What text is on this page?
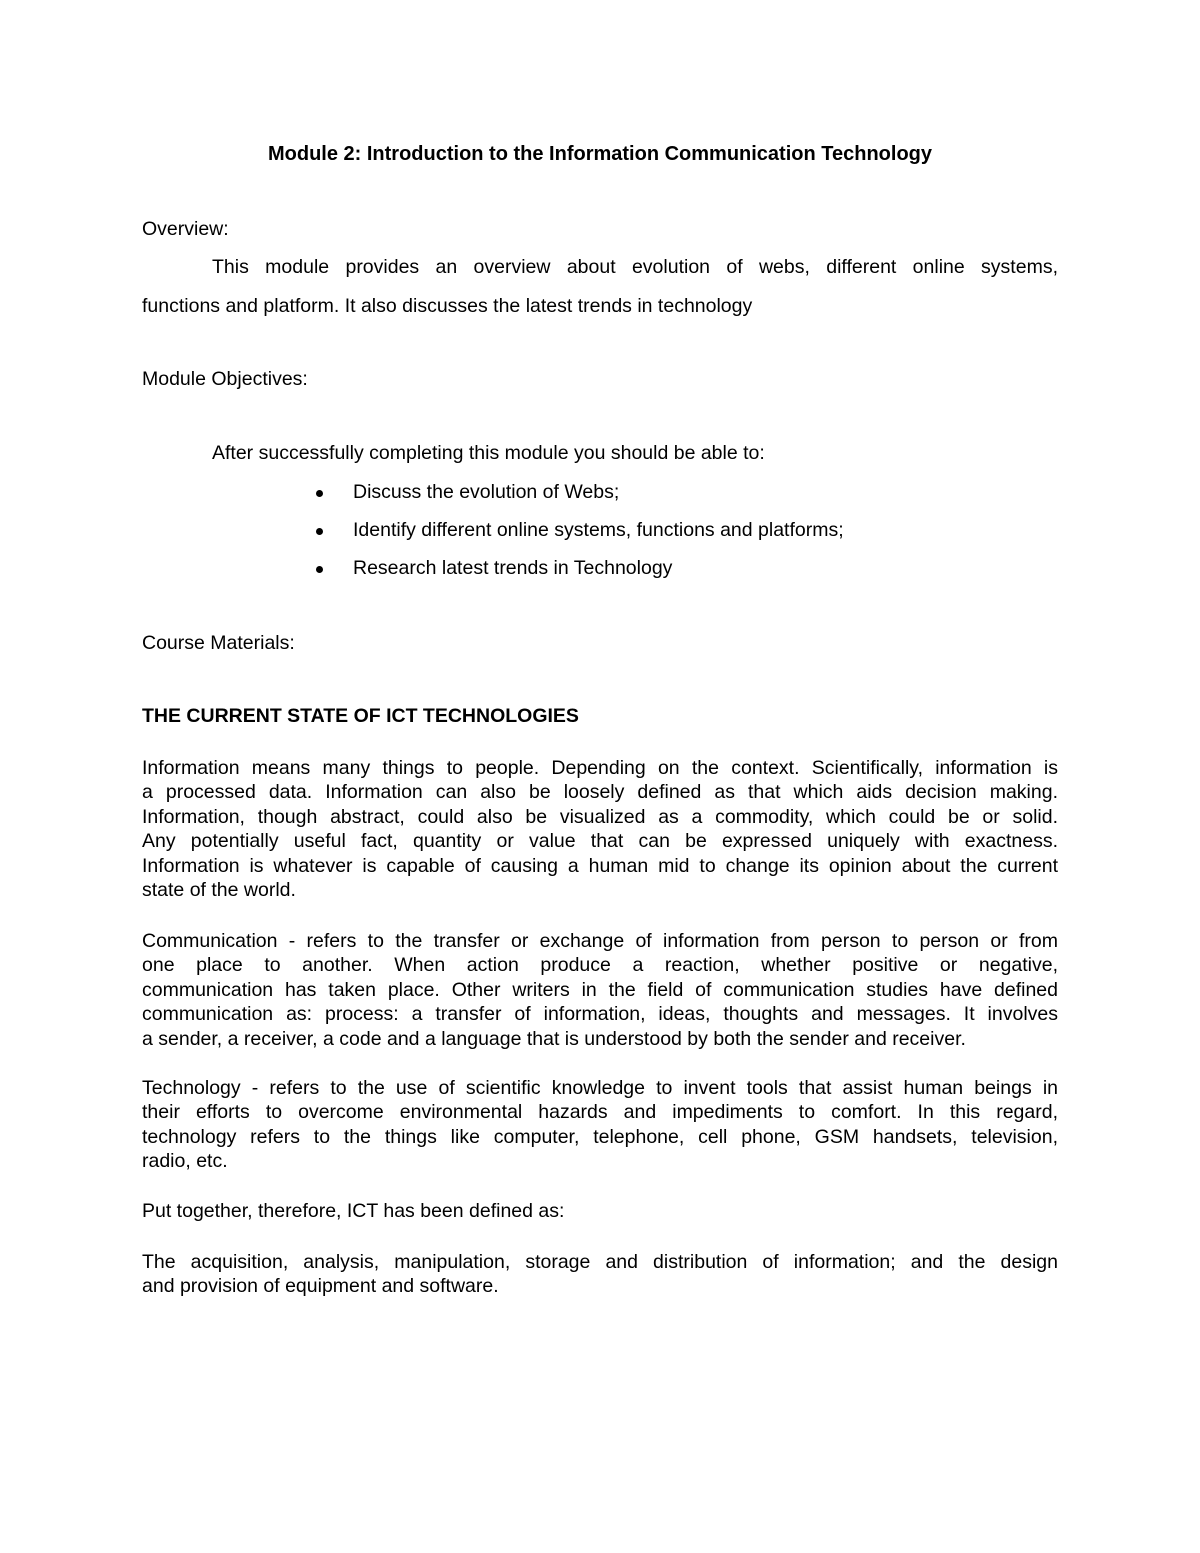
Module 2: Introduction to the Information Communication Technology
Overview:
This module provides an overview about evolution of webs, different online systems,
functions and platform. It also discusses the latest trends in technology
Module Objectives:
After successfully completing this module you should be able to:
Discuss the evolution of Webs;
Identify different online systems, functions and platforms;
Research latest trends in Technology
Course Materials:
THE CURRENT STATE OF ICT TECHNOLOGIES
Information means many things to people. Depending on the context. Scientifically, information is
a processed data. Information can also be loosely defined as that which aids decision making.
Information, though abstract, could also be visualized as a commodity, which could be or solid.
Any potentially useful fact, quantity or value that can be expressed uniquely with exactness.
Information is whatever is capable of causing a human mid to change its opinion about the current
state of the world.
Communication - refers to the transfer or exchange of information from person to person or from
one place to another. When action produce a reaction, whether positive or negative,
communication has taken place. Other writers in the field of communication studies have defined
communication as: process: a transfer of information, ideas, thoughts and messages. It involves
a sender, a receiver, a code and a language that is understood by both the sender and receiver.
Technology - refers to the use of scientific knowledge to invent tools that assist human beings in
their efforts to overcome environmental hazards and impediments to comfort. In this regard,
technology refers to the things like computer, telephone, cell phone, GSM handsets, television,
radio, etc.
Put together, therefore, ICT has been defined as:
The acquisition, analysis, manipulation, storage and distribution of information; and the design
and provision of equipment and software.
